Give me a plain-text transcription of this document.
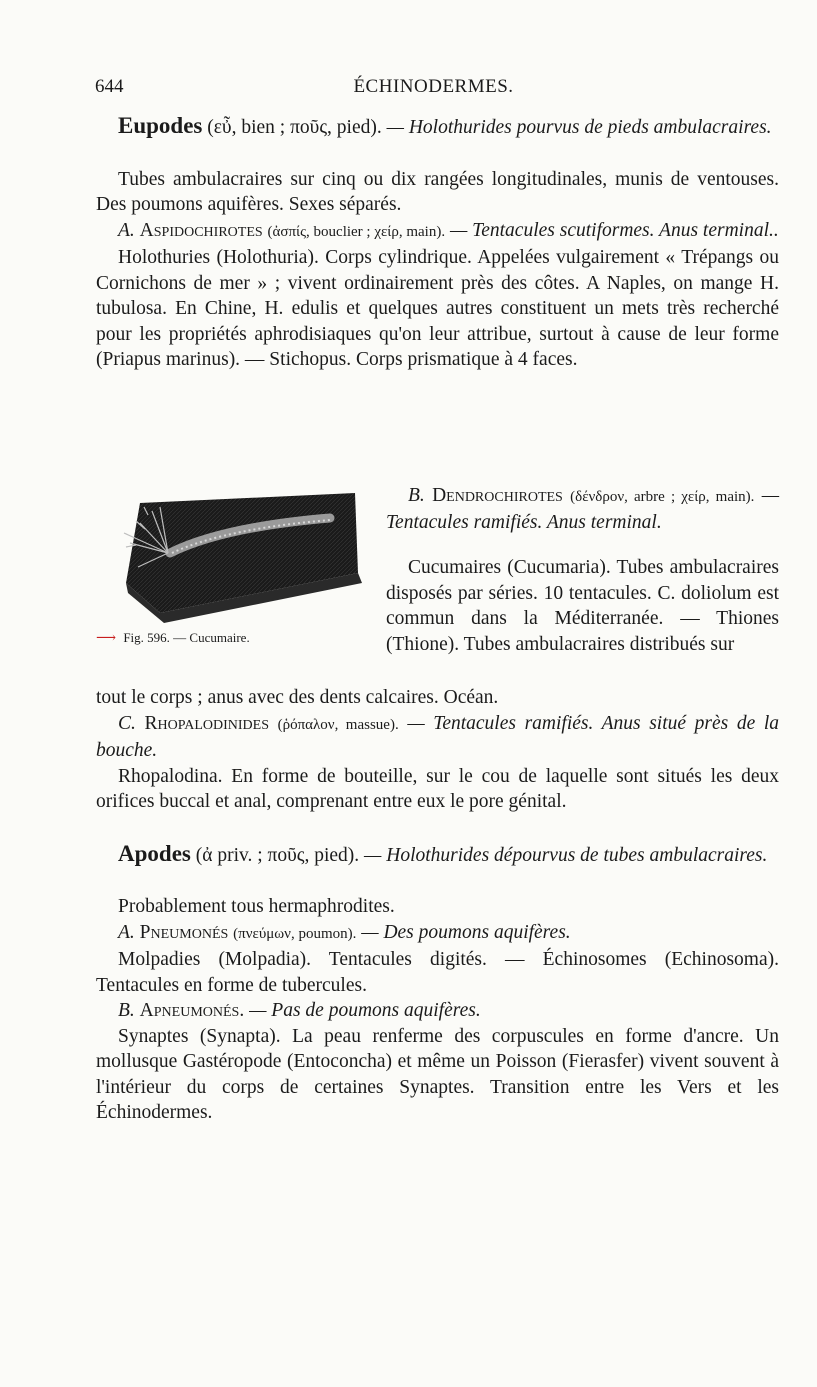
644	ÉCHINODERMES.

Eupodes (εὖ, bien ; ποῦς, pied). — Holothurides pourvus de pieds ambulacraires.

Tubes ambulacraires sur cinq ou dix rangées longitudinales, munis de ventouses. Des poumons aquifères. Sexes séparés.

A. Aspidochirotes (ἀσπίς, bouclier ; χείρ, main). — Tentacules scutiformes. Anus terminal..

Holothuries (Holothuria). Corps cylindrique. Appelées vulgairement « Trépangs ou Cornichons de mer » ; vivent ordinairement près des côtes. A Naples, on mange H. tubulosa. En Chine, H. edulis et quelques autres constituent un mets très recherché pour les propriétés aphrodisiaques qu'on leur attribue, surtout à cause de leur forme (Priapus marinus). — Stichopus. Corps prismatique à 4 faces.

⟶ Fig. 596. — Cucumaire.

B. Dendrochirotes (δένδρον, arbre ; χείρ, main). — Tentacules ramifiés. Anus terminal.

Cucumaires (Cucumaria). Tubes ambulacraires disposés par séries. 10 tentacules. C. doliolum est commun dans la Méditerranée. — Thiones (Thione). Tubes ambulacraires distribués sur

tout le corps ; anus avec des dents calcaires. Océan.

C. Rhopalodinides (ῥόπαλον, massue). — Tentacules ramifiés. Anus situé près de la bouche.

Rhopalodina. En forme de bouteille, sur le cou de laquelle sont situés les deux orifices buccal et anal, comprenant entre eux le pore génital.

Apodes (ἀ priv. ; ποῦς, pied). — Holothurides dépourvus de tubes ambulacraires.

Probablement tous hermaphrodites.

A. Pneumonés (πνεύμων, poumon). — Des poumons aquifères.

Molpadies (Molpadia). Tentacules digités. — Échinosomes (Echinosoma). Tentacules en forme de tubercules.

B. Apneumonés. — Pas de poumons aquifères.

Synaptes (Synapta). La peau renferme des corpuscules en forme d'ancre. Un mollusque Gastéropode (Entoconcha) et même un Poisson (Fierasfer) vivent souvent à l'intérieur du corps de certaines Synaptes. Transition entre les Vers et les Échinodermes.
